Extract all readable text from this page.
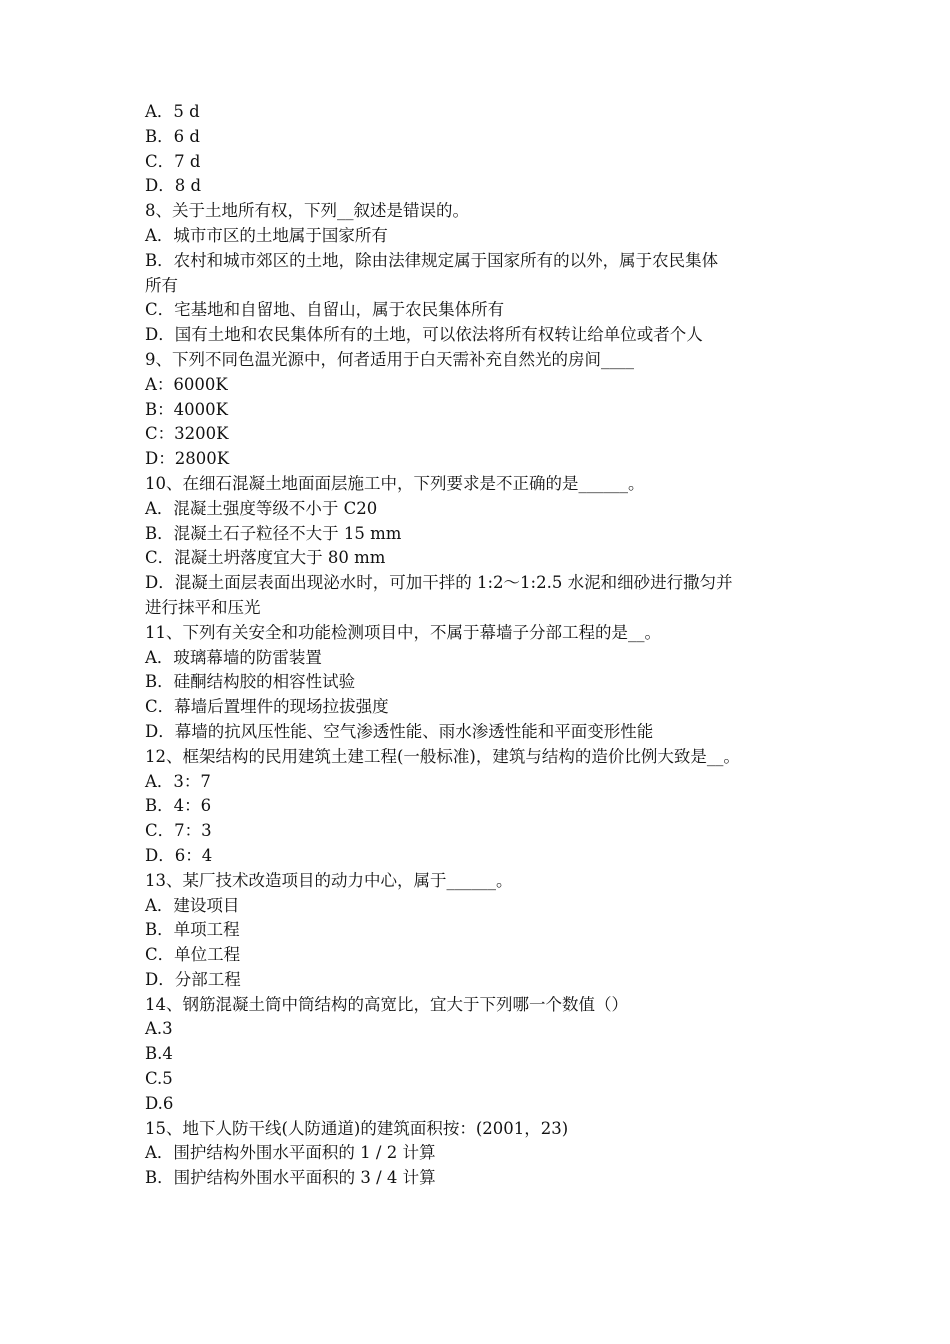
A．5 d
B．6 d
C．7 d
D．8 d
8、关于土地所有权，下列__叙述是错误的。
A．城市市区的土地属于国家所有
B．农村和城市郊区的土地，除由法律规定属于国家所有的以外，属于农民集体
所有
C．宅基地和自留地、自留山，属于农民集体所有
D．国有土地和农民集体所有的土地，可以依法将所有权转让给单位或者个人
9、下列不同色温光源中，何者适用于白天需补充自然光的房间____
A：6000K
B：4000K
C：3200K
D：2800K
10、在细石混凝土地面面层施工中，下列要求是不正确的是______。
A．混凝土强度等级不小于 C20
B．混凝土石子粒径不大于 15 mm
C．混凝土坍落度宜大于 80 mm
D．混凝土面层表面出现泌水时，可加干拌的 1:2～1:2.5 水泥和细砂进行撒匀并
进行抹平和压光
11、下列有关安全和功能检测项目中，不属于幕墙子分部工程的是__。
A．玻璃幕墙的防雷装置
B．硅酮结构胶的相容性试验
C．幕墙后置埋件的现场拉拔强度
D．幕墙的抗风压性能、空气渗透性能、雨水渗透性能和平面变形性能
12、框架结构的民用建筑土建工程(一般标准)，建筑与结构的造价比例大致是__。
A．3：7
B．4：6
C．7：3
D．6：4
13、某厂技术改造项目的动力中心，属于______。
A．建设项目
B．单项工程
C．单位工程
D．分部工程
14、钢筋混凝土筒中筒结构的高宽比，宜大于下列哪一个数值（）
A.3
B.4
C.5
D.6
15、地下人防干线(人防通道)的建筑面积按：(2001，23)
A．围护结构外围水平面积的 1 / 2 计算
B．围护结构外围水平面积的 3 / 4 计算
